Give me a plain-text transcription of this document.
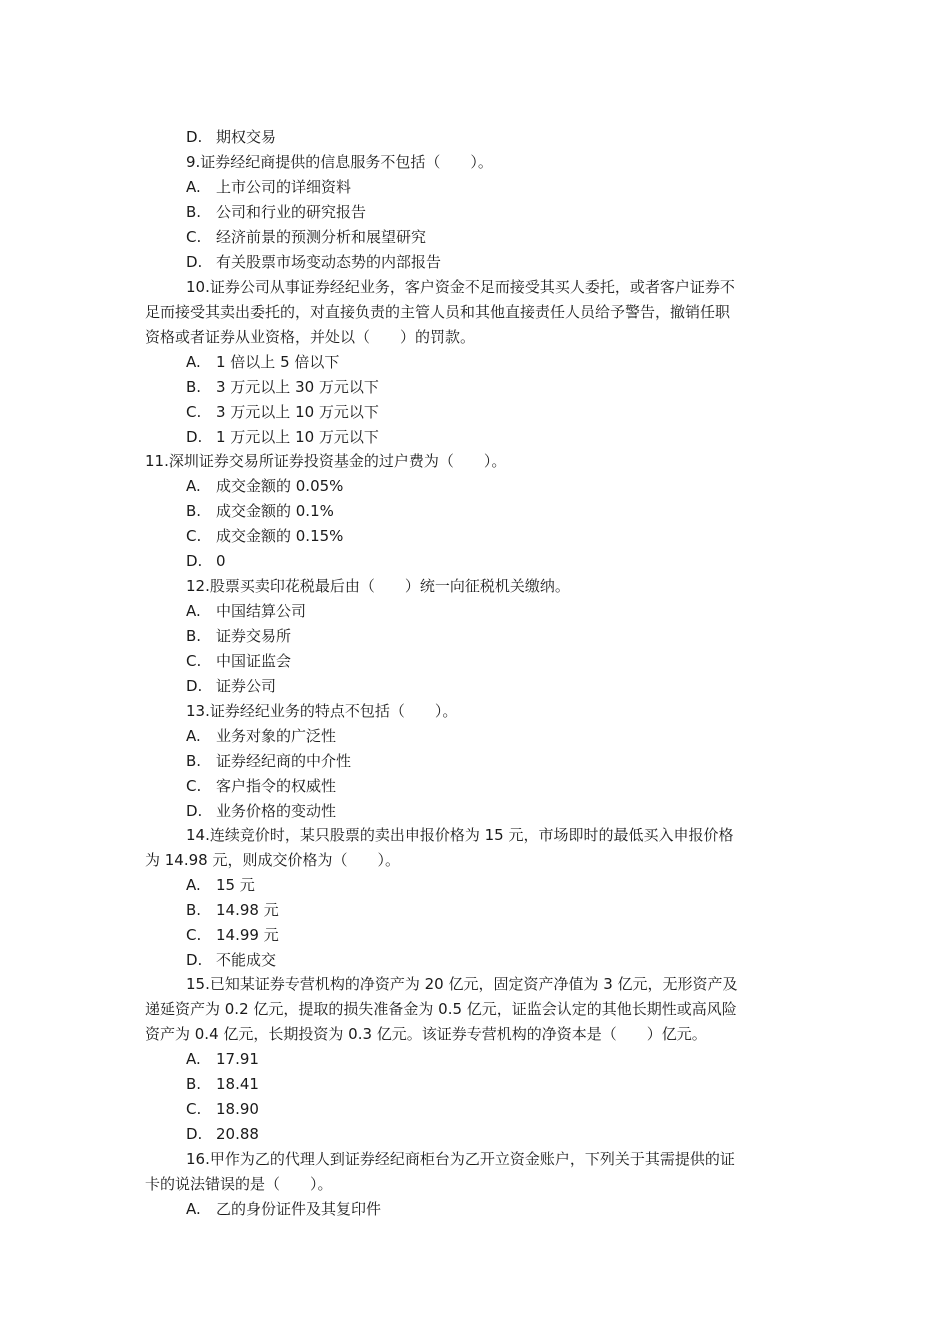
D. 期权交易
9.证券经纪商提供的信息服务不包括（　　）。
A. 上市公司的详细资料
B. 公司和行业的研究报告
C. 经济前景的预测分析和展望研究
D. 有关股票市场变动态势的内部报告
10.证券公司从事证券经纪业务，客户资金不足而接受其买人委托，或者客户证券不
足而接受其卖出委托的，对直接负责的主管人员和其他直接责任人员给予警告，撤销任职
资格或者证券从业资格，并处以（　　）的罚款。
A. 1 倍以上 5 倍以下
B. 3 万元以上 30 万元以下
C. 3 万元以上 10 万元以下
D. 1 万元以上 10 万元以下
11.深圳证券交易所证券投资基金的过户费为（　　）。
A. 成交金额的 0.05%
B. 成交金额的 0.1%
C. 成交金额的 0.15%
D. 0
12.股票买卖印花税最后由（　　）统一向征税机关缴纳。
A. 中国结算公司
B. 证券交易所
C. 中国证监会
D. 证券公司
13.证券经纪业务的特点不包括（　　）。
A. 业务对象的广泛性
B. 证券经纪商的中介性
C. 客户指令的权威性
D. 业务价格的变动性
14.连续竞价时，某只股票的卖出申报价格为 15 元，市场即时的最低买入申报价格
为 14.98 元，则成交价格为（　　）。
A. 15 元
B. 14.98 元
C. 14.99 元
D. 不能成交
15.已知某证券专营机构的净资产为 20 亿元，固定资产净值为 3 亿元，无形资产及
递延资产为 0.2 亿元，提取的损失准备金为 0.5 亿元，证监会认定的其他长期性或高风险
资产为 0.4 亿元，长期投资为 0.3 亿元。该证券专营机构的净资本是（　　）亿元。
A. 17.91
B. 18.41
C. 18.90
D. 20.88
16.甲作为乙的代理人到证券经纪商柜台为乙开立资金账户，下列关于其需提供的证
卡的说法错误的是（　　）。
A. 乙的身份证件及其复印件
